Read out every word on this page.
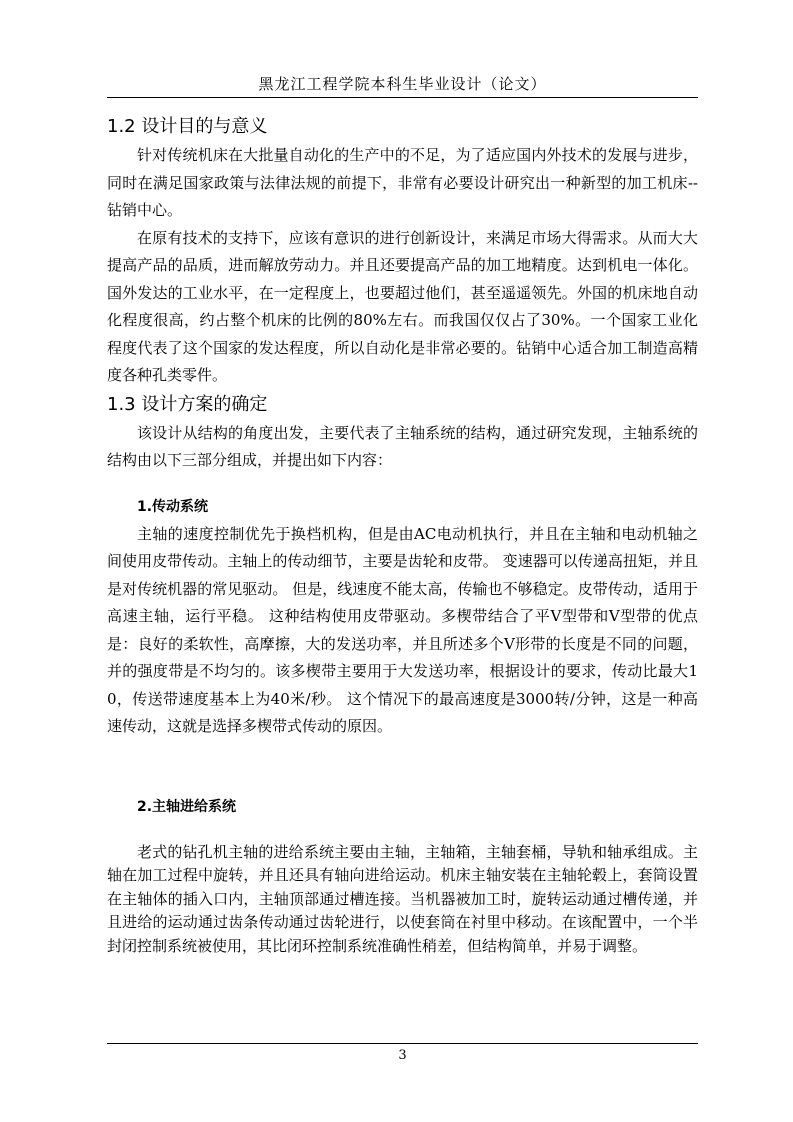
黑龙江工程学院本科生毕业设计（论文）
1.2 设计目的与意义

针对传统机床在大批量自动化的生产中的不足，为了适应国内外技术的发展与进步，同时在满足国家政策与法律法规的前提下，非常有必要设计研究出一种新型的加工机床--钻销中心。

在原有技术的支持下，应该有意识的进行创新设计，来满足市场大得需求。从而大大提高产品的品质，进而解放劳动力。并且还要提高产品的加工地精度。达到机电一体化。国外发达的工业水平，在一定程度上，也要超过他们，甚至遥遥领先。外国的机床地自动化程度很高，约占整个机床的比例的80%左右。而我国仅仅占了30%。一个国家工业化程度代表了这个国家的发达程度，所以自动化是非常必要的。钻销中心适合加工制造高精度各种孔类零件。

1.3 设计方案的确定

该设计从结构的角度出发，主要代表了主轴系统的结构，通过研究发现，主轴系统的结构由以下三部分组成，并提出如下内容：

1.传动系统

主轴的速度控制优先于换档机构，但是由AC电动机执行，并且在主轴和电动机轴之间使用皮带传动。主轴上的传动细节，主要是齿轮和皮带。 变速器可以传递高扭矩，并且是对传统机器的常见驱动。 但是，线速度不能太高，传输也不够稳定。皮带传动，适用于高速主轴，运行平稳。 这种结构使用皮带驱动。多楔带结合了平V型带和V型带的优点是：良好的柔软性，高摩擦，大的发送功率，并且所述多个V形带的长度是不同的问题，并的强度带是不均匀的。该多楔带主要用于大发送功率，根据设计的要求，传动比最大10，传送带速度基本上为40米/秒。 这个情况下的最高速度是3000转/分钟，这是一种高速传动，这就是选择多楔带式传动的原因。

2.主轴进给系统

老式的钻孔机主轴的进给系统主要由主轴，主轴箱，主轴套桶，导轨和轴承组成。主轴在加工过程中旋转，并且还具有轴向进给运动。机床主轴安装在主轴轮毂上，套筒设置在主轴体的插入口内，主轴顶部通过槽连接。当机器被加工时，旋转运动通过槽传递，并且进给的运动通过齿条传动通过齿轮进行，以使套筒在衬里中移动。在该配置中，一个半封闭控制系统被使用，其比闭环控制系统准确性稍差，但结构简单，并易于调整。

3
